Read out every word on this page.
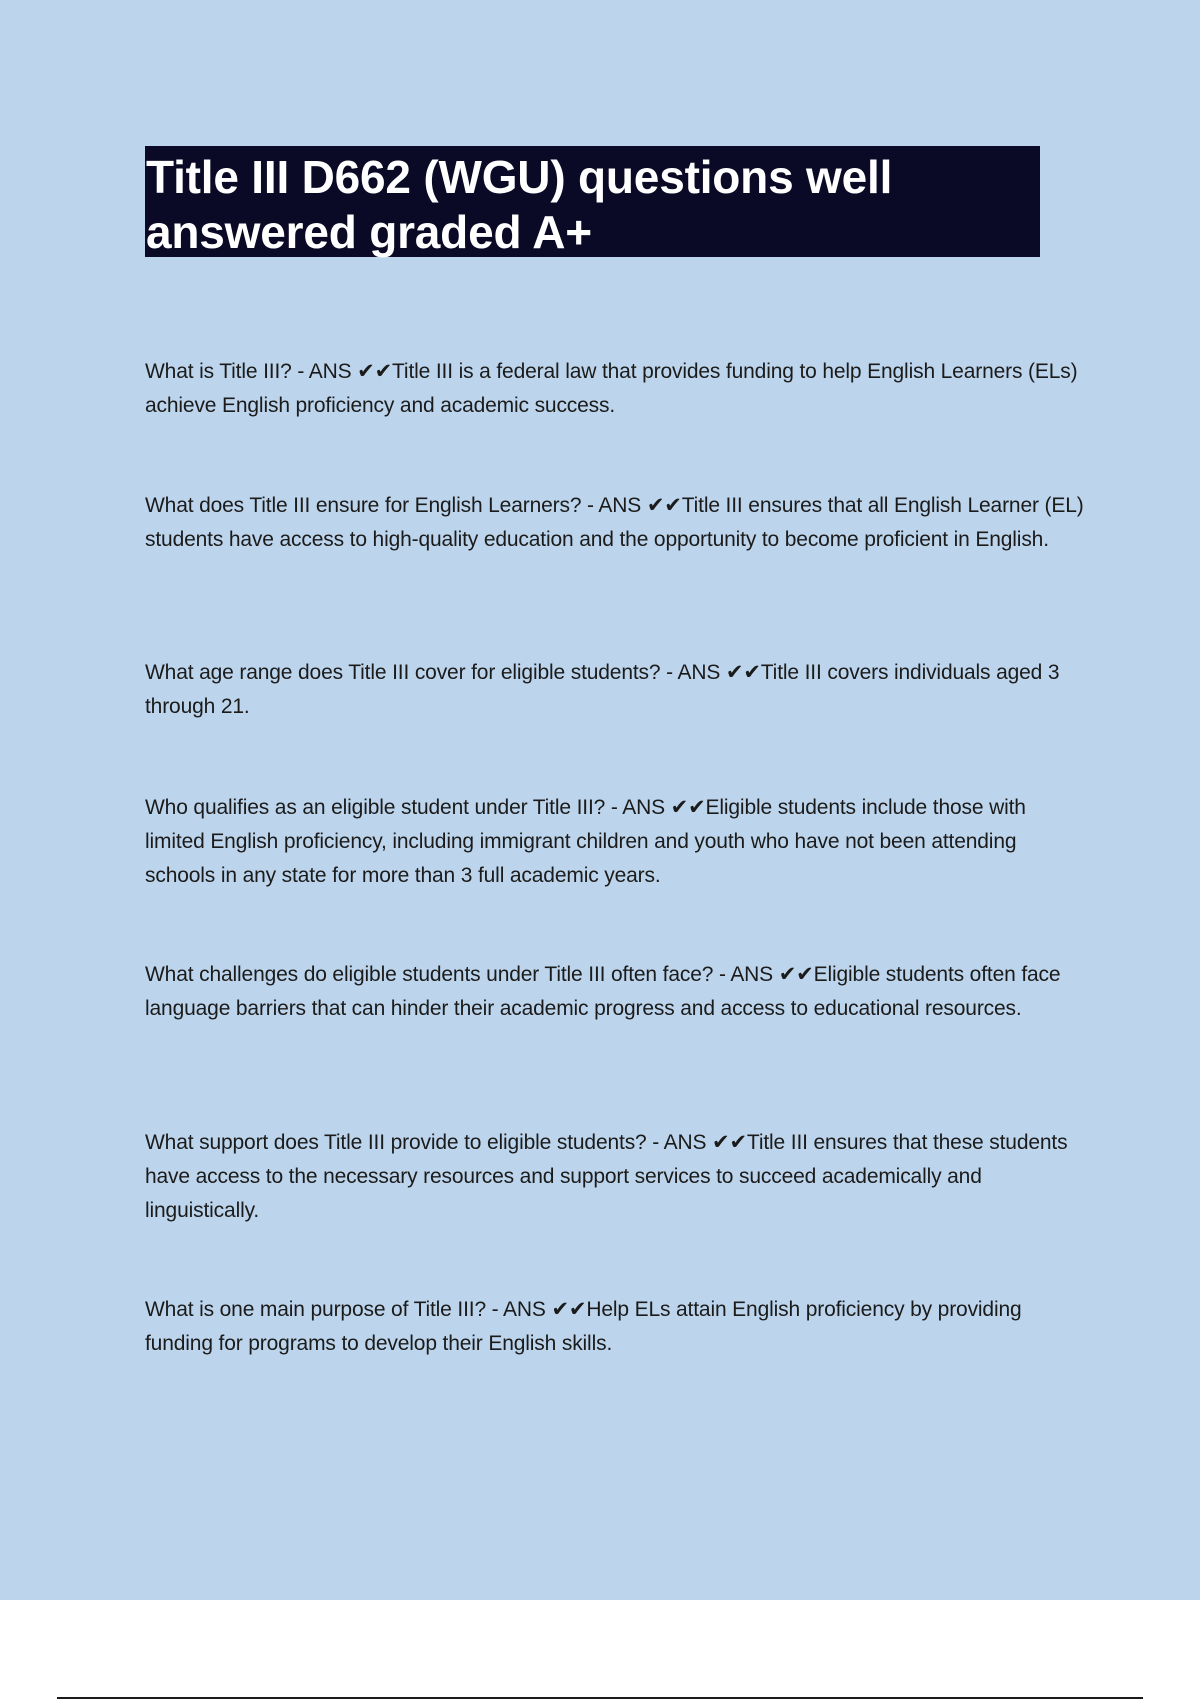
Title III D662 (WGU) questions well
answered graded A+

What is Title III? - ANS ✔✔Title III is a federal law that provides funding to help English Learners (ELs) achieve English proficiency and academic success.

What does Title III ensure for English Learners? - ANS ✔✔Title III ensures that all English Learner (EL) students have access to high-quality education and the opportunity to become proficient in English.

What age range does Title III cover for eligible students? - ANS ✔✔Title III covers individuals aged 3 through 21.

Who qualifies as an eligible student under Title III? - ANS ✔✔Eligible students include those with limited English proficiency, including immigrant children and youth who have not been attending schools in any state for more than 3 full academic years.

What challenges do eligible students under Title III often face? - ANS ✔✔Eligible students often face language barriers that can hinder their academic progress and access to educational resources.

What support does Title III provide to eligible students? - ANS ✔✔Title III ensures that these students have access to the necessary resources and support services to succeed academically and linguistically.

What is one main purpose of Title III? - ANS ✔✔Help ELs attain English proficiency by providing funding for programs to develop their English skills.
